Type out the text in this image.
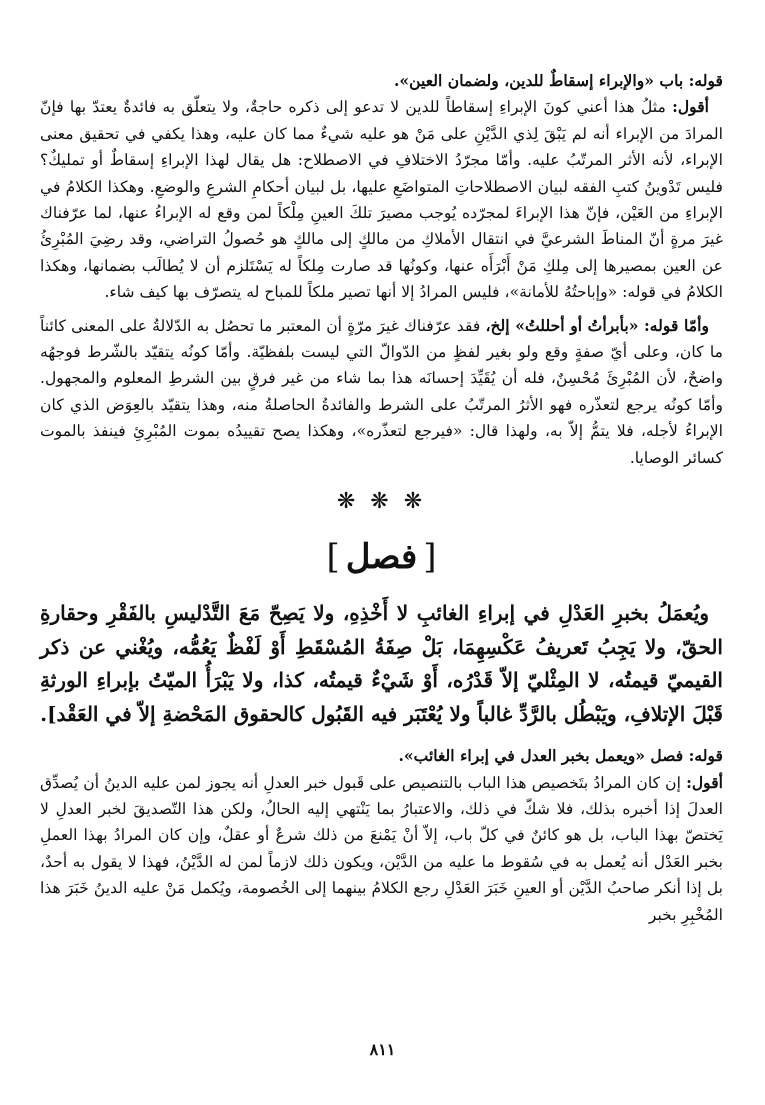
قوله: باب «والإبراء إسقاطٌ للدين، ولضمان العين».

أقول: مثلُ هذا أعني كونَ الإبراءِ إسقاطاً للدين لا تدعو إلى ذكره حاجةٌ، ولا يتعلّق به فائدةٌ يعتدّ بها فإنّ المرادَ من الإبراء أنه لم يَبْقَ لِذي الدَّيْنِ على مَنْ هو عليه شيءٌ مما كان عليه، وهذا يكفي في تحقيق معنى الإبراء، لأنه الأثر المرتّبُ عليه. وأمّا مجرّدُ الاختلافِ في الاصطلاح: هل يقال لهذا الإبراءِ إسقاطٌ أو تمليكٌ؟ فليس تَدْوينُ كتبِ الفقه لبيان الاصطلاحاتِ المتواضَعِ عليها، بل لبيان أحكامِ الشرعِ والوضعِ. وهكذا الكلامُ في الإبراءِ من العَيْن، فإنّ هذا الإبراءَ لمجرّده يُوجب مصيرَ تلكَ العينِ مِلْكاً لمن وقع له الإبراءُ عنها، لما عرّفناك غيرَ مرةٍ أنّ المناطَ الشرعيَّ في انتقال الأملاكِ من مالكٍ إلى مالكٍ هو حُصولُ التراضي، وقد رضِيَ المُبْرِئُ عن العين بمصيرها إلى مِلكِ مَنْ أَبْرَأَه عنها، وكونُها قد صارت مِلكاً له يَسْتَلزم أن لا يُطالَب بضمانها، وهكذا الكلامُ في قوله: «وإباحتُهُ للأمانة»، فليس المرادُ إلا أنها تصير ملكاً للمباح له يتصرّف بها كيف شاء.

وأمّا قوله: «بأبرأتُ أو أحللتُ» إلخ، فقد عرّفناك غيرَ مرّةٍ أن المعتبر ما تحصُل به الدّلالةُ على المعنى كائناً ما كان، وعلى أيّ صفةٍ وقع ولو بغير لفظٍ من الدّوالّ التي ليست بلفظيّة. وأمّا كونُه يتقيّد بالشّرط فوجهُه واضحٌ، لأن المُبْرِئَ مُحْسِنٌ، فله أن يُقَيِّدَ إحسانَه هذا بما شاء من غير فرقٍ بين الشرطِ المعلوم والمجهول. وأمّا كونُه يرجع لتعذّره فهو الأثرُ المرتّبُ على الشرط والفائدةُ الحاصلةُ منه، وهذا يتقيّد بالعِوَض الذي كان الإبراءُ لأجله، فلا يتمُّ إلاّ به، ولهذا قال: «فيرجع لتعذّره»، وهكذا يصح تقييدُه بموت المُبْرِئِ فينفذ بالموت كسائر الوصايا.

❋ ❋ ❋
[ فصل ]

ويُعمَلُ بخبرِ العَدْلِ في إبراءِ الغائبِ لا أَخْذِهِ، ولا يَصِحّ مَعَ التَّدْليسِ بالفَقْرِ وحقارةِ الحقّ، ولا يَجِبُ تَعريفُ عَكْسِهِمَا، بَلْ صِفَةُ المُسْقَطِ أَوْ لَفْظٌ يَعُمُّه، ويُغْني عن ذكر القيميّ قيمتُه، لا المِثْليّ إلاّ قَدْرُه، أَوْ شَيْءٌ قيمتُه، كذا، ولا يَبْرَأُ الميّتُ بإبراءِ الورثةِ قَبْلَ الإتلافِ، ويَبْطُل بالرَّدِّ غالباً ولا يُعْتَبَر فيه القَبُول كالحقوق المَحْضةِ إلاّ في العَقْد].

قوله: فصل «ويعمل بخبر العدل في إبراء الغائب».

أقول: إن كان المرادُ بتَخصيص هذا الباب بالتنصيص على قَبول خبر العدلِ أنه يجوز لمن عليه الدينُ أن يُصدِّق العدلَ إذا أخبره بذلك، فلا شكّ في ذلك، والاعتبارُ بما يَنْتهي إليه الحالُ، ولكن هذا التّصديقَ لخبر العدلِ لا يَختصّ بهذا الباب، بل هو كائنٌ في كلّ باب، إلاّ أنْ يَمْنعَ من ذلك شرعٌ أو عقلٌ، وإن كان المرادُ بهذا العملِ بخبر العَدْل أنه يُعمل به في سُقوط ما عليه من الدَّيْن، ويكون ذلك لازماً لمن له الدَّيْنُ، فهذا لا يقول به أحدٌ، بل إذا أنكر صاحبُ الدَّيْن أو العينِ خَبَرَ العَدْلِ رجع الكلامُ بينهما إلى الخُصومة، ويُكمل مَنْ عليه الدينُ خَبَرَ هذا المُخْبِرِ بخبر

٨١١
